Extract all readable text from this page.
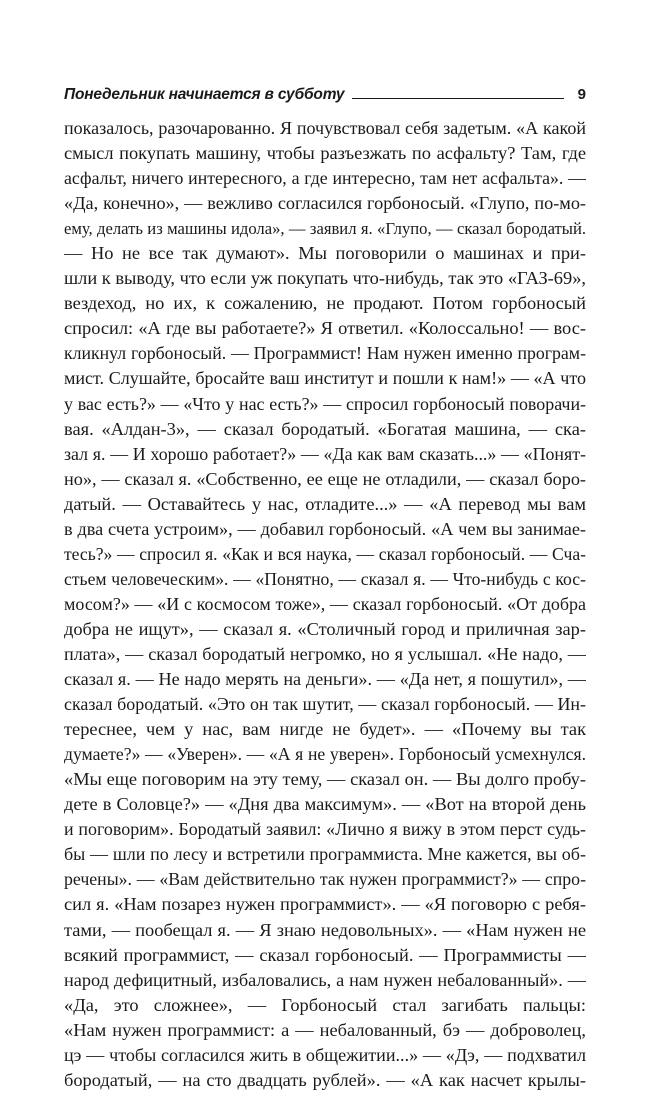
Понедельник начинается в субботу	9
показалось, разочарованно. Я почувствовал себя задетым. «А какой
смысл покупать машину, чтобы разъезжать по асфальту? Там, где
асфальт, ничего интересного, а где интересно, там нет асфальта». —
«Да, конечно», — вежливо согласился горбоносый. «Глупо, по-мо-
ему, делать из машины идола», — заявил я. «Глупо, — сказал бородатый.
— Но не все так думают». Мы поговорили о машинах и при-
шли к выводу, что если уж покупать что-нибудь, так это «ГАЗ-69»,
вездеход, но их, к сожалению, не продают. Потом горбоносый
спросил: «А где вы работаете?» Я ответил. «Колоссально! — вос-
кликнул горбоносый. — Программист! Нам нужен именно програм-
мист. Слушайте, бросайте ваш институт и пошли к нам!» — «А что
у вас есть?» — «Что у нас есть?» — спросил горбоносый поворачи-
вая. «Алдан-3», — сказал бородатый. «Богатая машина, — ска-
зал я. — И хорошо работает?» — «Да как вам сказать...» — «Понят-
но», — сказал я. «Собственно, ее еще не отладили, — сказал боро-
датый. — Оставайтесь у нас, отладите...» — «А перевод мы вам
в два счета устроим», — добавил горбоносый. «А чем вы занимае-
тесь?» — спросил я. «Как и вся наука, — сказал горбоносый. — Сча-
стьем человеческим». — «Понятно, — сказал я. — Что-нибудь с кос-
мосом?» — «И с космосом тоже», — сказал горбоносый. «От добра
добра не ищут», — сказал я. «Столичный город и приличная зар-
плата», — сказал бородатый негромко, но я услышал. «Не надо, —
сказал я. — Не надо мерять на деньги». — «Да нет, я пошутил», —
сказал бородатый. «Это он так шутит, — сказал горбоносый. — Ин-
тереснее, чем у нас, вам нигде не будет». — «Почему вы так
думаете?» — «Уверен». — «А я не уверен». Горбоносый усмехнулся.
«Мы еще поговорим на эту тему, — сказал он. — Вы долго пробу-
дете в Соловце?» — «Дня два максимум». — «Вот на второй день
и поговорим». Бородатый заявил: «Лично я вижу в этом перст судь-
бы — шли по лесу и встретили программиста. Мне кажется, вы об-
речены». — «Вам действительно так нужен программист?» — спро-
сил я. «Нам позарез нужен программист». — «Я поговорю с ребя-
тами, — пообещал я. — Я знаю недовольных». — «Нам нужен не
всякий программист, — сказал горбоносый. — Программисты —
народ дефицитный, избаловались, а нам нужен небалованный». —
«Да, это сложнее», — Горбоносый стал загибать пальцы:
«Нам нужен программист: а — небалованный, бэ — доброволец,
цэ — чтобы согласился жить в общежитии...» — «Дэ, — подхватил
бородатый, — на сто двадцать рублей». — «А как насчет крылы-
